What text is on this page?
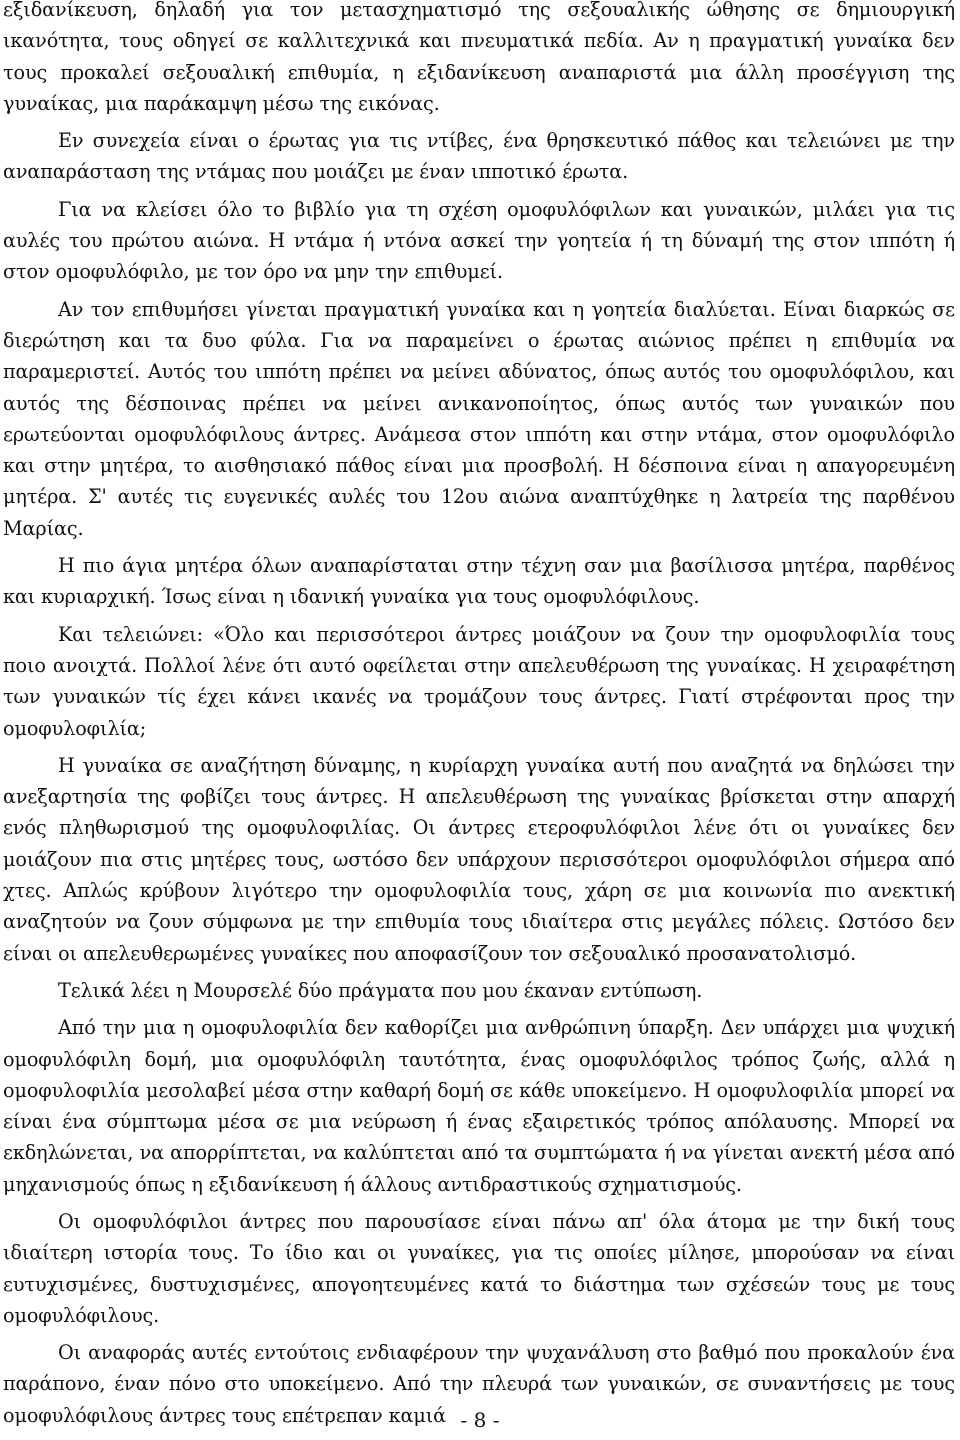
εξιδανίκευση, δηλαδή για τον μετασχηματισμό της σεξουαλικής ώθησης σε δημιουργική ικανότητα, τους οδηγεί σε καλλιτεχνικά και πνευματικά πεδία. Αν η πραγματική γυναίκα δεν τους προκαλεί σεξουαλική επιθυμία, η εξιδανίκευση αναπαριστά μια άλλη προσέγγιση της γυναίκας, μια παράκαμψη μέσω της εικόνας.

Εν συνεχεία είναι ο έρωτας για τις ντίβες, ένα θρησκευτικό πάθος και τελειώνει με την αναπαράσταση της ντάμας που μοιάζει με έναν ιπποτικό έρωτα.

Για να κλείσει όλο το βιβλίο για τη σχέση ομοφυλόφιλων και γυναικών, μιλάει για τις αυλές του πρώτου αιώνα. Η ντάμα ή ντόνα ασκεί την γοητεία ή τη δύναμή της στον ιππότη ή στον ομοφυλόφιλο, με τον όρο να μην την επιθυμεί.

Αν τον επιθυμήσει γίνεται πραγματική γυναίκα και η γοητεία διαλύεται. Είναι διαρκώς σε διερώτηση και τα δυο φύλα. Για να παραμείνει ο έρωτας αιώνιος πρέπει η επιθυμία να παραμεριστεί. Αυτός του ιππότη πρέπει να μείνει αδύνατος, όπως αυτός του ομοφυλόφιλου, και αυτός της δέσποινας πρέπει να μείνει ανικανοποίητος, όπως αυτός των γυναικών που ερωτεύονται ομοφυλόφιλους άντρες. Ανάμεσα στον ιππότη και στην ντάμα, στον ομοφυλόφιλο και στην μητέρα, το αισθησιακό πάθος είναι μια προσβολή. Η δέσποινα είναι η απαγορευμένη μητέρα. Σ' αυτές τις ευγενικές αυλές του 12ου αιώνα αναπτύχθηκε η λατρεία της παρθένου Μαρίας.

Η πιο άγια μητέρα όλων αναπαρίσταται στην τέχνη σαν μια βασίλισσα μητέρα, παρθένος και κυριαρχική. Ίσως είναι η ιδανική γυναίκα για τους ομοφυλόφιλους.

Και τελειώνει: «Όλο και περισσότεροι άντρες μοιάζουν να ζουν την ομοφυλοφιλία τους ποιο ανοιχτά. Πολλοί λένε ότι αυτό οφείλεται στην απελευθέρωση της γυναίκας. Η χειραφέτηση των γυναικών τίς έχει κάνει ικανές να τρομάζουν τους άντρες. Γιατί στρέφονται προς την ομοφυλοφιλία;

Η γυναίκα σε αναζήτηση δύναμης, η κυρίαρχη γυναίκα αυτή που αναζητά να δηλώσει την ανεξαρτησία της φοβίζει τους άντρες. Η απελευθέρωση της γυναίκας βρίσκεται στην απαρχή ενός πληθωρισμού της ομοφυλοφιλίας. Οι άντρες ετεροφυλόφιλοι λένε ότι οι γυναίκες δεν μοιάζουν πια στις μητέρες τους, ωστόσο δεν υπάρχουν περισσότεροι ομοφυλόφιλοι σήμερα από χτες. Απλώς κρύβουν λιγότερο την ομοφυλοφιλία τους, χάρη σε μια κοινωνία πιο ανεκτική αναζητούν να ζουν σύμφωνα με την επιθυμία τους ιδιαίτερα στις μεγάλες πόλεις. Ωστόσο δεν είναι οι απελευθερωμένες γυναίκες που αποφασίζουν τον σεξουαλικό προσανατολισμό.

Τελικά λέει η Μουρσελέ δύο πράγματα που μου έκαναν εντύπωση.

Από την μια η ομοφυλοφιλία δεν καθορίζει μια ανθρώπινη ύπαρξη. Δεν υπάρχει μια ψυχική ομοφυλόφιλη δομή, μια ομοφυλόφιλη ταυτότητα, ένας ομοφυλόφιλος τρόπος ζωής, αλλά η ομοφυλοφιλία μεσολαβεί μέσα στην καθαρή δομή σε κάθε υποκείμενο. Η ομοφυλοφιλία μπορεί να είναι ένα σύμπτωμα μέσα σε μια νεύρωση ή ένας εξαιρετικός τρόπος απόλαυσης. Μπορεί να εκδηλώνεται, να απορρίπτεται, να καλύπτεται από τα συμπτώματα ή να γίνεται ανεκτή μέσα από μηχανισμούς όπως η εξιδανίκευση ή άλλους αντιδραστικούς σχηματισμούς.

Οι ομοφυλόφιλοι άντρες που παρουσίασε είναι πάνω απ' όλα άτομα με την δική τους ιδιαίτερη ιστορία τους. Το ίδιο και οι γυναίκες, για τις οποίες μίλησε, μπορούσαν να είναι ευτυχισμένες, δυστυχισμένες, απογοητευμένες κατά το διάστημα των σχέσεών τους με τους ομοφυλόφιλους.

Οι αναφοράς αυτές εντούτοις ενδιαφέρουν την ψυχανάλυση στο βαθμό που προκαλούν ένα παράπονο, έναν πόνο στο υποκείμενο. Από την πλευρά των γυναικών, σε συναντήσεις με τους ομοφυλόφιλους άντρες τους επέτρεπαν καμιά - 8 -
